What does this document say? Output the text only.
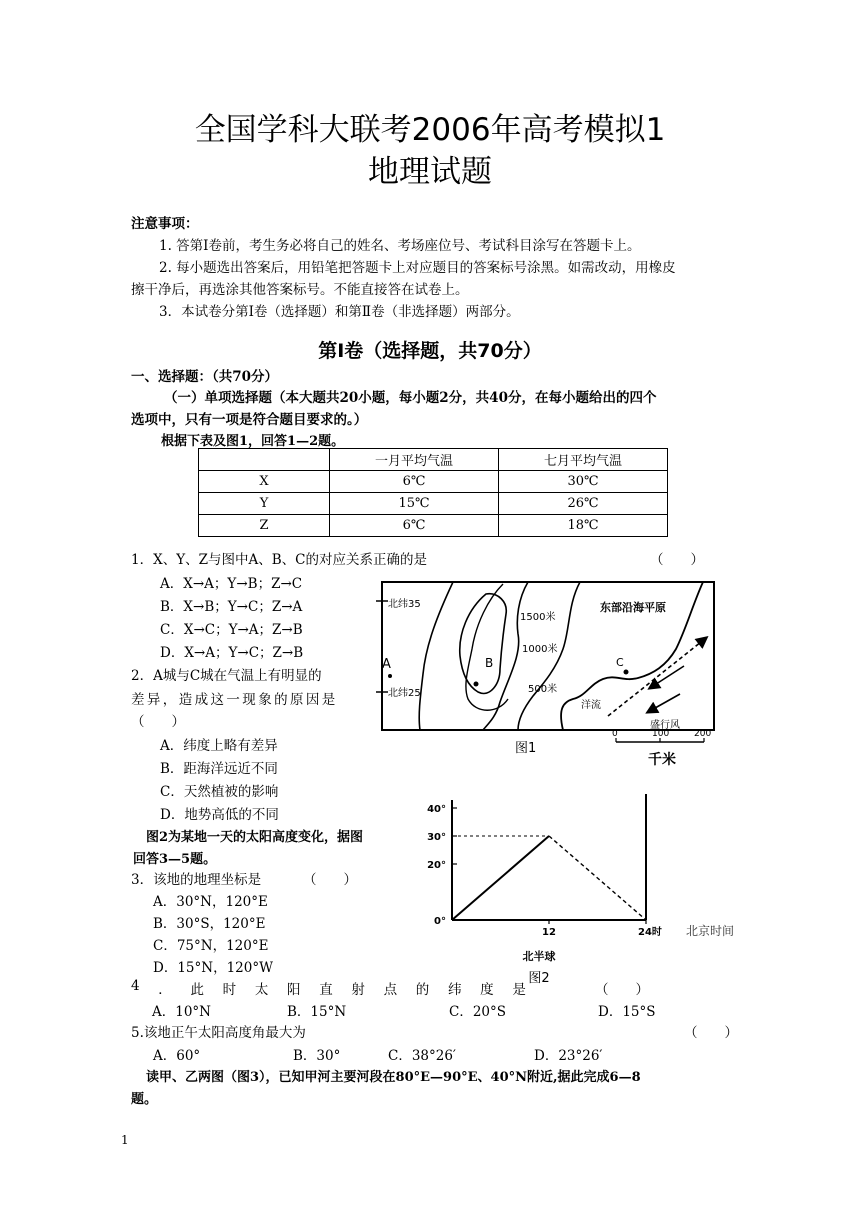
全国学科大联考2006年高考模拟1
地理试题
注意事项：
1. 答第Ⅰ卷前，考生务必将自己的姓名、考场座位号、考试科目涂写在答题卡上。
2. 每小题选出答案后，用铅笔把答题卡上对应题目的答案标号涂黑。如需改动，用橡皮
擦干净后，再选涂其他答案标号。不能直接答在试卷上。
3．本试卷分第Ⅰ卷（选择题）和第Ⅱ卷（非选择题）两部分。
第Ⅰ卷（选择题，共70分）
一、选择题：（共70分）
（一）单项选择题（本大题共20小题，每小题2分，共40分，在每小题给出的四个
选项中，只有一项是符合题目要求的。）
根据下表及图1，回答1—2题。
	一月平均气温	七月平均气温
X	6℃	30℃
Y	15℃	26℃
Z	6℃	18℃
1．X、Y、Z与图中A、B、C的对应关系正确的是	（　　）
A．X→A；Y→B；Z→C
B．X→B；Y→C；Z→A
C．X→C；Y→A；Z→B
D．X→A；Y→C；Z→B
2．A城与C城在气温上有明显的
差异，造成这一现象的原因是
（　　）
A．纬度上略有差异
B．距海洋远近不同
C．天然植被的影响
D．地势高低的不同
图2为某地一天的太阳高度变化，据图
回答3—5题。
3．该地的地理坐标是	（　　）
A．30°N，120°E
B．30°S，120°E
C．75°N，120°E
D．15°N，120°W
4 ． 此 时 太 阳 直 射 点 的 纬 度 是	（　　）
A．10°N	B．15°N	C．20°S	D．15°S
5.该地正午太阳高度角最大为	（　　）
A．60°	B．30°	C．38°26′	D．23°26′
读甲、乙两图（图3），已知甲河主要河段在80°E—90°E、40°N附近,据此完成6—8
题。
北纬35
北纬25
A	B	C
1500米
1000米
500米
东部沿海平原
洋流
盛行风
0	100	200
千米
图1
0°
20°
30°
40°
12	24时 北京时间
北半球
图2
1
